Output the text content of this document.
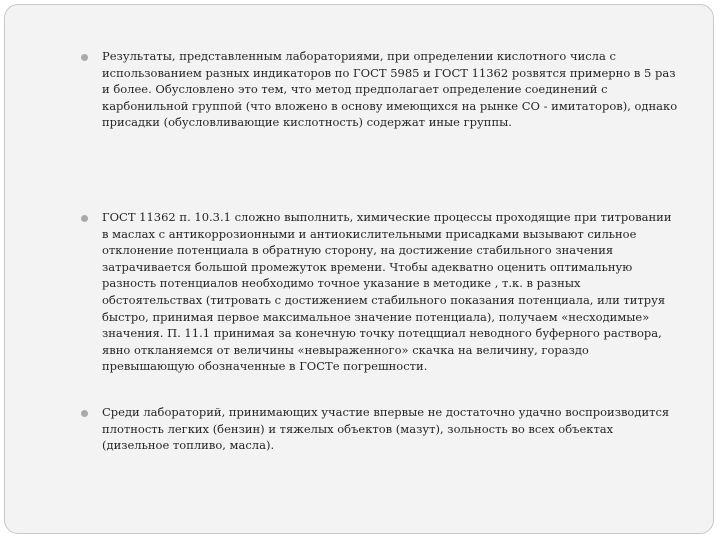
Результаты, представленным лабораториями, при определении кислотного числа с использованием разных индикаторов по ГОСТ 5985 и ГОСТ 11362 розвятся примерно в 5 раз и более. Обусловлено это тем, что метод предполагает определение соединений с карбонильной группой (что вложено в основу имеющихся на рынке СО - имитаторов), однако присадки (обусловливающие кислотность) содержат иные группы.

ГОСТ 11362 п. 10.3.1 сложно выполнить, химические процессы проходящие при титровании в маслах с антикоррозионными и антиокислительными присадками вызывают сильное отклонение потенциала в обратную сторону, на достижение стабильного значения затрачивается большой промежуток времени. Чтобы адекватно оценить оптимальную разность потенциалов необходимо точное указание в методике , т.к. в разных обстоятельствах (титровать с достижением стабильного показания потенциала, или титруя быстро, принимая первое максимальное значение потенциала), получаем «несходимые» значения. П. 11.1 принимая за конечную точку потецщиал неводного буферного раствора, явно откланяемся от величины «невыраженного» скачка на величину, гораздо превышающую обозначенные в ГОСТе погрешности.

Среди лабораторий, принимающих участие впервые не достаточно удачно воспроизводится плотность легких (бензин) и тяжелых объектов (мазут), зольность во всех объектах (дизельное топливо, масла).
